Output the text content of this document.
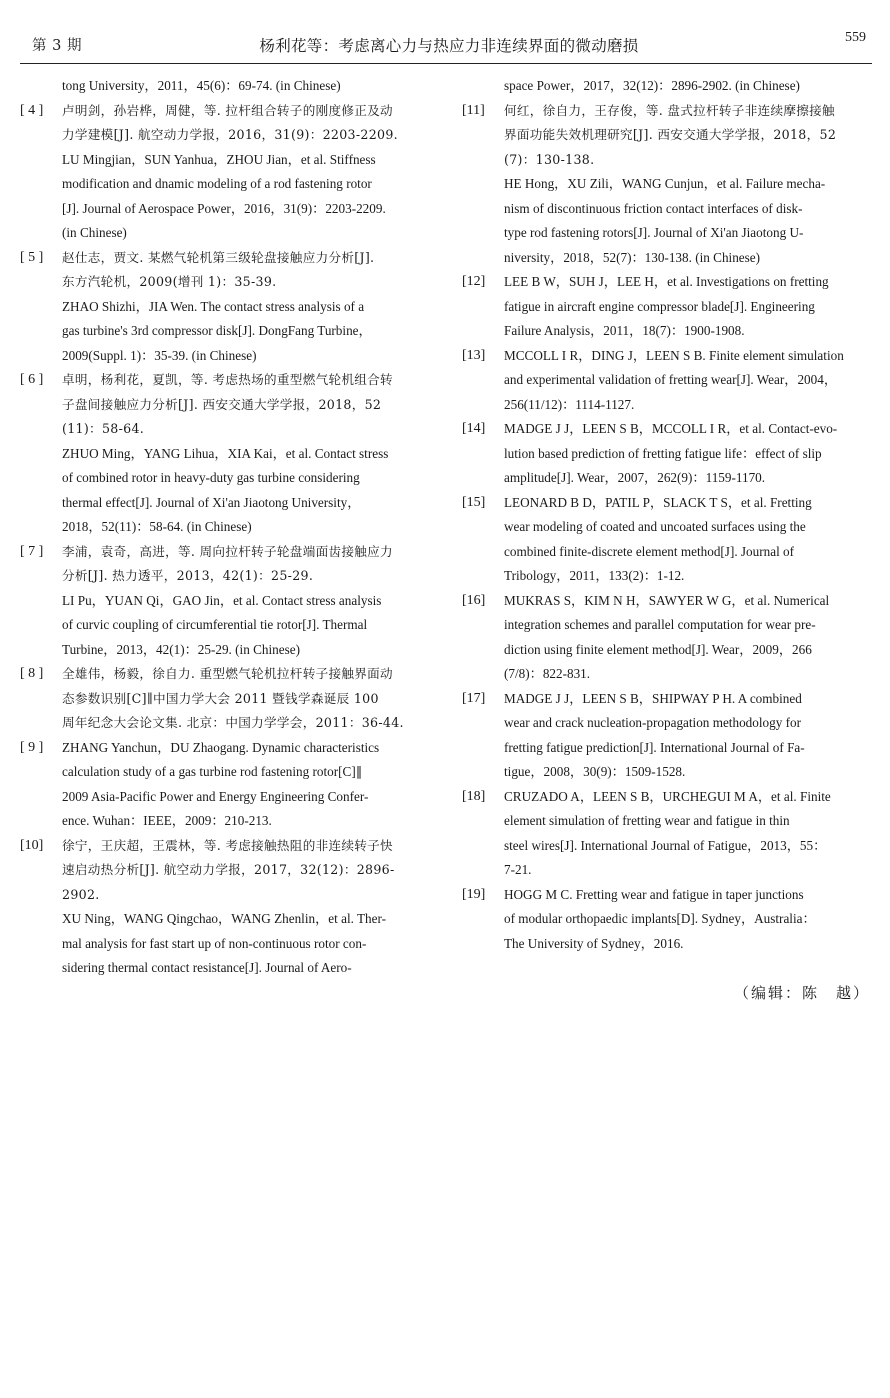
第 3 期	杨利花等：考虑离心力与热应力非连续界面的微动磨损	559
tong University，2011，45(6)：69-74. (in Chinese)
[ 4 ] 卢明剑，孙岩桦，周健，等. 拉杆组合转子的刚度修正及动
力学建模[J]. 航空动力学报，2016，31(9)：2203-2209.
LU Mingjian，SUN Yanhua，ZHOU Jian，et al. Stiffness
modification and dnamic modeling of a rod fastening rotor
[J]. Journal of Aerospace Power，2016，31(9)：2203-2209.
(in Chinese)
[ 5 ] 赵仕志，贾文. 某燃气轮机第三级轮盘接触应力分析[J].
东方汽轮机，2009(增刊 1)：35-39.
ZHAO Shizhi，JIA Wen. The contact stress analysis of a
gas turbine's 3rd compressor disk[J]. DongFang Turbine，
2009(Suppl. 1)：35-39. (in Chinese)
[ 6 ] 卓明，杨利花，夏凯，等. 考虑热场的重型燃气轮机组合转
子盘间接触应力分析[J]. 西安交通大学学报，2018，52
(11)：58-64.
ZHUO Ming，YANG Lihua，XIA Kai，et al. Contact stress
of combined rotor in heavy-duty gas turbine considering
thermal effect[J]. Journal of Xi'an Jiaotong University，
2018，52(11)：58-64. (in Chinese)
[ 7 ] 李浦，袁奇，高进，等. 周向拉杆转子轮盘端面齿接触应力
分析[J]. 热力透平，2013，42(1)：25-29.
LI Pu，YUAN Qi，GAO Jin，et al. Contact stress analysis
of curvic coupling of circumferential tie rotor[J]. Thermal
Turbine，2013，42(1)：25-29. (in Chinese)
[ 8 ] 全雄伟，杨毅，徐自力. 重型燃气轮机拉杆转子接触界面动
态参数识别[C]∥中国力学大会 2011 暨钱学森诞辰 100
周年纪念大会论文集. 北京：中国力学学会，2011：36-44.
[ 9 ] ZHANG Yanchun，DU Zhaogang. Dynamic characteristics
calculation study of a gas turbine rod fastening rotor[C]∥
2009 Asia-Pacific Power and Energy Engineering Confer-
ence. Wuhan：IEEE，2009：210-213.
[10] 徐宁，王庆超，王震林，等. 考虑接触热阻的非连续转子快
速启动热分析[J]. 航空动力学报，2017，32(12)：2896-
2902.
XU Ning，WANG Qingchao，WANG Zhenlin，et al. Ther-
mal analysis for fast start up of non-continuous rotor con-
sidering thermal contact resistance[J]. Journal of Aero-
space Power，2017，32(12)：2896-2902. (in Chinese)
[11] 何红，徐自力，王存俊，等. 盘式拉杆转子非连续摩擦接触
界面功能失效机理研究[J]. 西安交通大学学报，2018，52
(7)：130-138.
HE Hong，XU Zili，WANG Cunjun，et al. Failure mecha-
nism of discontinuous friction contact interfaces of disk-
type rod fastening rotors[J]. Journal of Xi'an Jiaotong U-
niversity，2018，52(7)：130-138. (in Chinese)
[12] LEE B W，SUH J，LEE H，et al. Investigations on fretting
fatigue in aircraft engine compressor blade[J]. Engineering
Failure Analysis，2011，18(7)：1900-1908.
[13] MCCOLL I R，DING J，LEEN S B. Finite element simulation
and experimental validation of fretting wear[J]. Wear，2004，
256(11/12)：1114-1127.
[14] MADGE J J，LEEN S B，MCCOLL I R，et al. Contact-evo-
lution based prediction of fretting fatigue life：effect of slip
amplitude[J]. Wear，2007，262(9)：1159-1170.
[15] LEONARD B D，PATIL P，SLACK T S，et al. Fretting
wear modeling of coated and uncoated surfaces using the
combined finite-discrete element method[J]. Journal of
Tribology，2011，133(2)：1-12.
[16] MUKRAS S，KIM N H，SAWYER W G，et al. Numerical
integration schemes and parallel computation for wear pre-
diction using finite element method[J]. Wear，2009，266
(7/8)：822-831.
[17] MADGE J J，LEEN S B，SHIPWAY P H. A combined
wear and crack nucleation-propagation methodology for
fretting fatigue prediction[J]. International Journal of Fa-
tigue，2008，30(9)：1509-1528.
[18] CRUZADO A，LEEN S B，URCHEGUI M A，et al. Finite
element simulation of fretting wear and fatigue in thin
steel wires[J]. International Journal of Fatigue，2013，55：
7-21.
[19] HOGG M C. Fretting wear and fatigue in taper junctions
of modular orthopaedic implants[D]. Sydney，Australia：
The University of Sydney，2016.
（编辑：陈　越）
